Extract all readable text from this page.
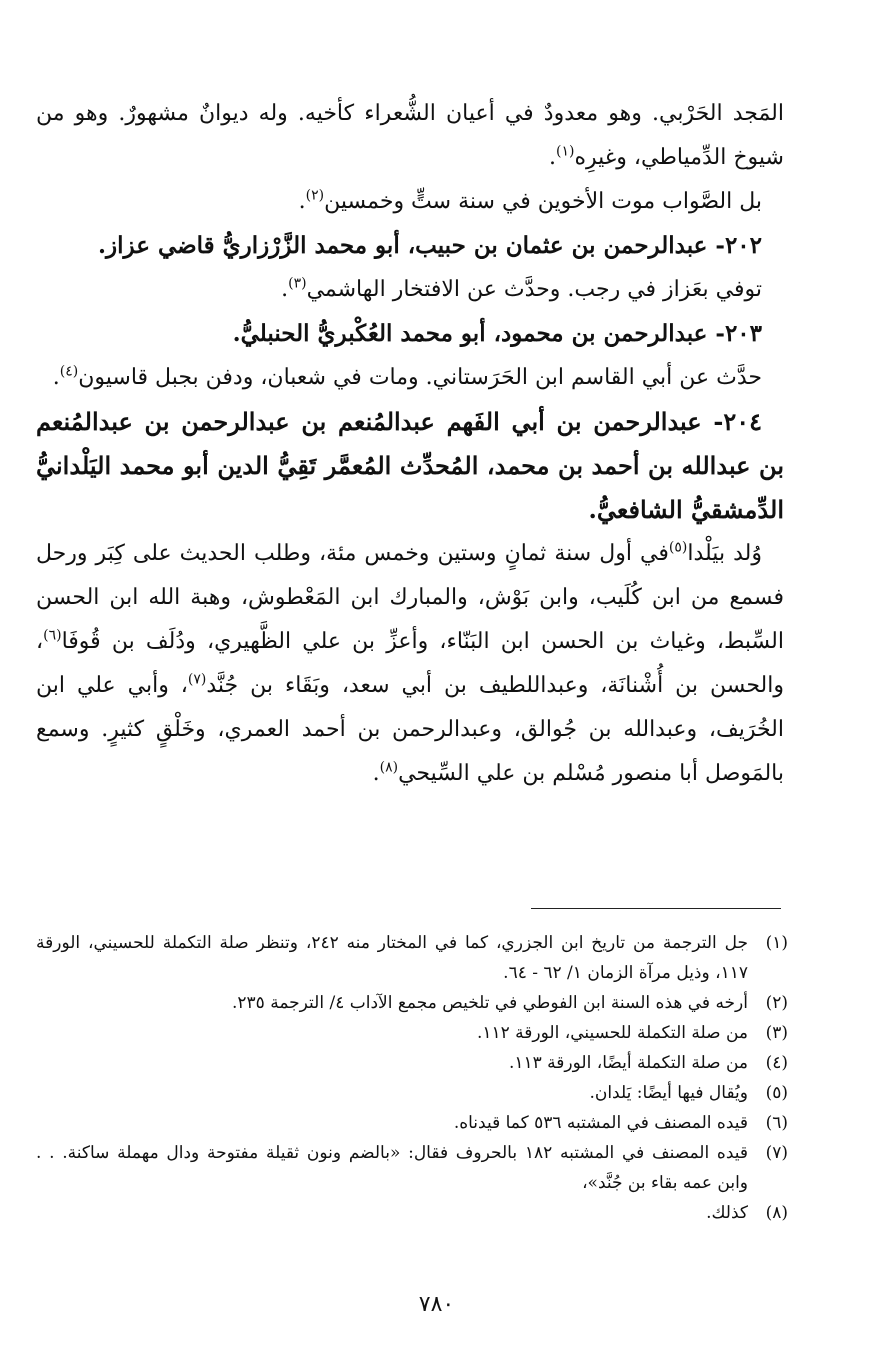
المَجد الحَرْبي. وهو معدودٌ في أعيان الشُّعراء كأخيه. وله ديوانٌ مشهورٌ. وهو من شيوخ الدِّمياطي، وغيرِه$^{(١)}$.

بل الصَّواب موت الأخوين في سنة ستٍّ وخمسين$^{(٢)}$.

٢٠٢- عبدالرحمن بن عثمان بن حبيب، أبو محمد الزَّرْزاريُّ قاضي عزاز.

توفي بعَزاز في رجب. وحدَّث عن الافتخار الهاشمي$^{(٣)}$.

٢٠٣- عبدالرحمن بن محمود، أبو محمد العُكْبريُّ الحنبليُّ.

حدَّث عن أبي القاسم ابن الحَرَستاني. ومات في شعبان، ودفن بجبل قاسيون$^{(٤)}$.

٢٠٤- عبدالرحمن بن أبي الفَهم عبدالمُنعم بن عبدالرحمن بن عبدالمُنعم بن عبدالله بن أحمد بن محمد، المُحدِّث المُعمَّر تَقِيُّ الدين أبو محمد اليَلْدانيُّ الدِّمشقيُّ الشافعيُّ.

وُلد بيَلْدا$^{(٥)}$في أول سنة ثمانٍ وستين وخمس مئة، وطلب الحديث على كِبَر ورحل فسمع من ابن كُلَيب، وابن بَوْش، والمبارك ابن المَعْطوش، وهبة الله ابن الحسن السِّبط، وغياث بن الحسن ابن البَنّاء، وأعزِّ بن علي الظَّهيري، ودُلَف بن قُوفَا$^{(٦)}$، والحسن بن أُشْنانَة، وعبداللطيف بن أبي سعد، وبَقَاء بن جُنَّد$^{(٧)}$، وأبي علي ابن الخُرَيف، وعبدالله بن جُوالق، وعبدالرحمن بن أحمد العمري، وخَلْقٍ كثيرٍ. وسمع بالمَوصل أبا منصور مُسْلم بن علي السِّيحي$^{(٨)}$.

(١)
جل الترجمة من تاريخ ابن الجزري، كما في المختار منه ٢٤٢، وتنظر صلة التكملة للحسيني، الورقة ١١٧، وذيل مرآة الزمان ١/ ٦٢ - ٦٤.
(٢)
أرخه في هذه السنة ابن الفوطي في تلخيص مجمع الآداب ٤/ الترجمة ٢٣٥.
(٣)
من صلة التكملة للحسيني، الورقة ١١٢.
(٤)
من صلة التكملة أيضًا، الورقة ١١٣.
(٥)
ويُقال فيها أيضًا: يَلدان.
(٦)
قيده المصنف في المشتبه ٥٣٦ كما قيدناه.
(٧)
قيده المصنف في المشتبه ١٨٢ بالحروف فقال: «بالضم ونون ثقيلة مفتوحة ودال مهملة ساكنة. . . وابن عمه بقاء بن جُنَّد»،
(٨)
كذلك.
٧٨٠
